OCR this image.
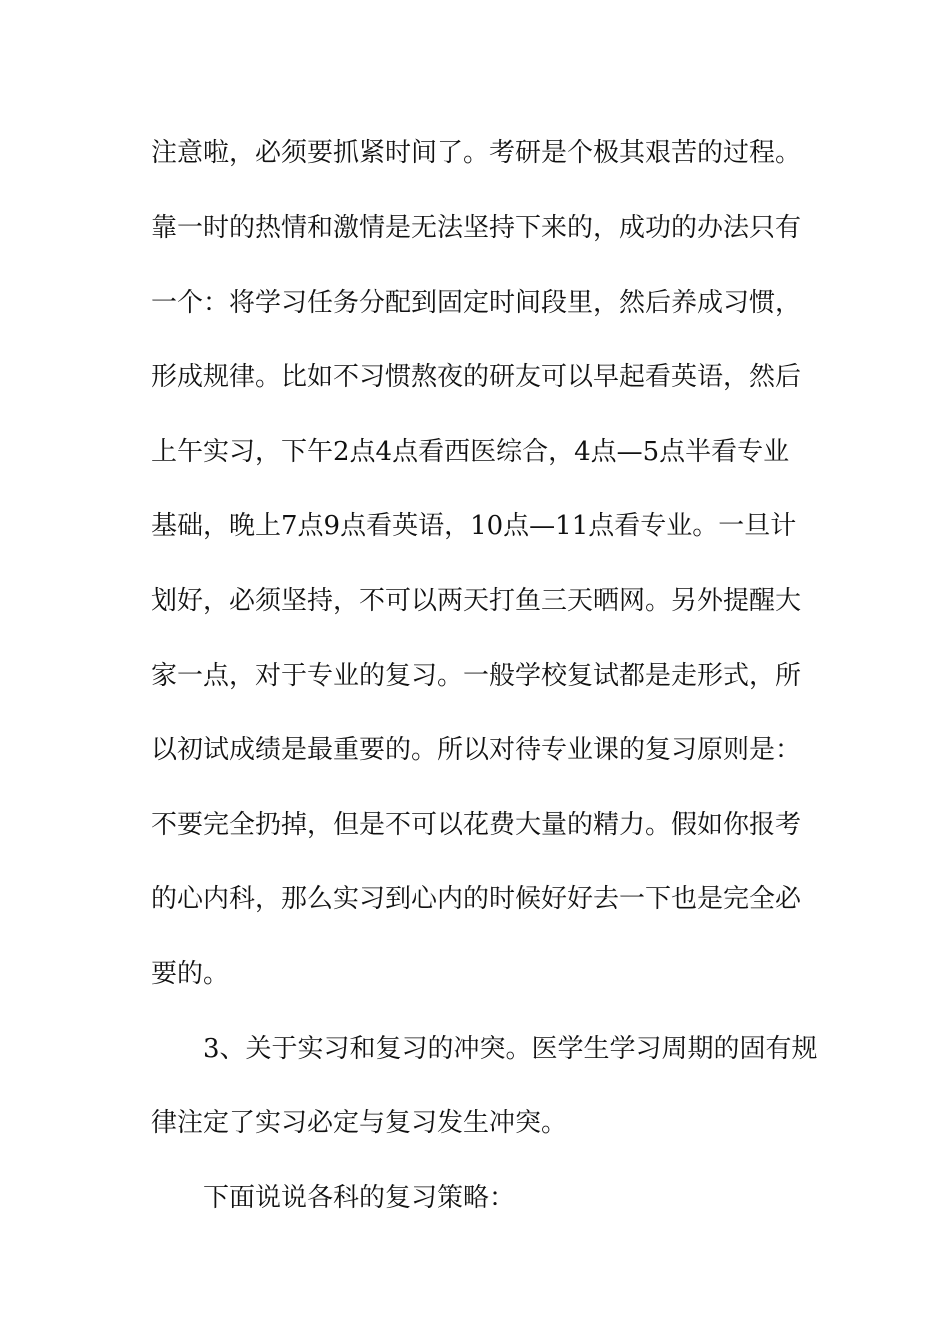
注意啦，必须要抓紧时间了。考研是个极其艰苦的过程。

靠一时的热情和激情是无法坚持下来的，成功的办法只有

一个：将学习任务分配到固定时间段里，然后养成习惯，

形成规律。比如不习惯熬夜的研友可以早起看英语，然后

上午实习，下午2点4点看西医综合，4点—5点半看专业

基础，晚上7点9点看英语，10点—11点看专业。一旦计

划好，必须坚持，不可以两天打鱼三天晒网。另外提醒大

家一点，对于专业的复习。一般学校复试都是走形式，所

以初试成绩是最重要的。所以对待专业课的复习原则是：

不要完全扔掉，但是不可以花费大量的精力。假如你报考

的心内科，那么实习到心内的时候好好去一下也是完全必

要的。

3、关于实习和复习的冲突。医学生学习周期的固有规

律注定了实习必定与复习发生冲突。

下面说说各科的复习策略：
